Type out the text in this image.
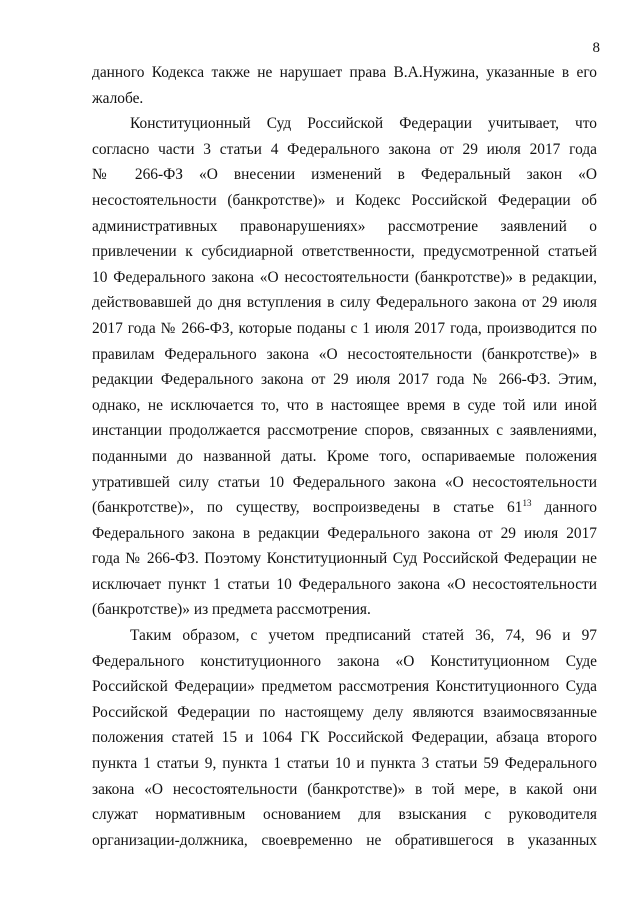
8
данного Кодекса также не нарушает права В.А.Нужина, указанные в его
жалобе.
Конституционный Суд Российской Федерации учитывает, что
согласно части 3 статьи 4 Федерального закона от 29 июля 2017 года
№ 266-ФЗ «О внесении изменений в Федеральный закон «О
несостоятельности (банкротстве)» и Кодекс Российской Федерации об
административных правонарушениях» рассмотрение заявлений о
привлечении к субсидиарной ответственности, предусмотренной статьей
10 Федерального закона «О несостоятельности (банкротстве)» в редакции,
действовавшей до дня вступления в силу Федерального закона от 29 июля
2017 года № 266-ФЗ, которые поданы с 1 июля 2017 года, производится по
правилам Федерального закона «О несостоятельности (банкротстве)» в
редакции Федерального закона от 29 июля 2017 года № 266-ФЗ. Этим,
однако, не исключается то, что в настоящее время в суде той или иной
инстанции продолжается рассмотрение споров, связанных с заявлениями,
поданными до названной даты. Кроме того, оспариваемые положения
утратившей силу статьи 10 Федерального закона «О несостоятельности
(банкротстве)», по существу, воспроизведены в статье $61^{13}$ данного
Федерального закона в редакции Федерального закона от 29 июля 2017
года № 266-ФЗ. Поэтому Конституционный Суд Российской Федерации не
исключает пункт 1 статьи 10 Федерального закона «О несостоятельности
(банкротстве)» из предмета рассмотрения.
Таким образом, с учетом предписаний статей 36, 74, 96 и 97
Федерального конституционного закона «О Конституционном Суде
Российской Федерации» предметом рассмотрения Конституционного Суда
Российской Федерации по настоящему делу являются взаимосвязанные
положения статей 15 и 1064 ГК Российской Федерации, абзаца второго
пункта 1 статьи 9, пункта 1 статьи 10 и пункта 3 статьи 59 Федерального
закона «О несостоятельности (банкротстве)» в той мере, в какой они
служат нормативным основанием для взыскания с руководителя
организации-должника, своевременно не обратившегося в указанных
